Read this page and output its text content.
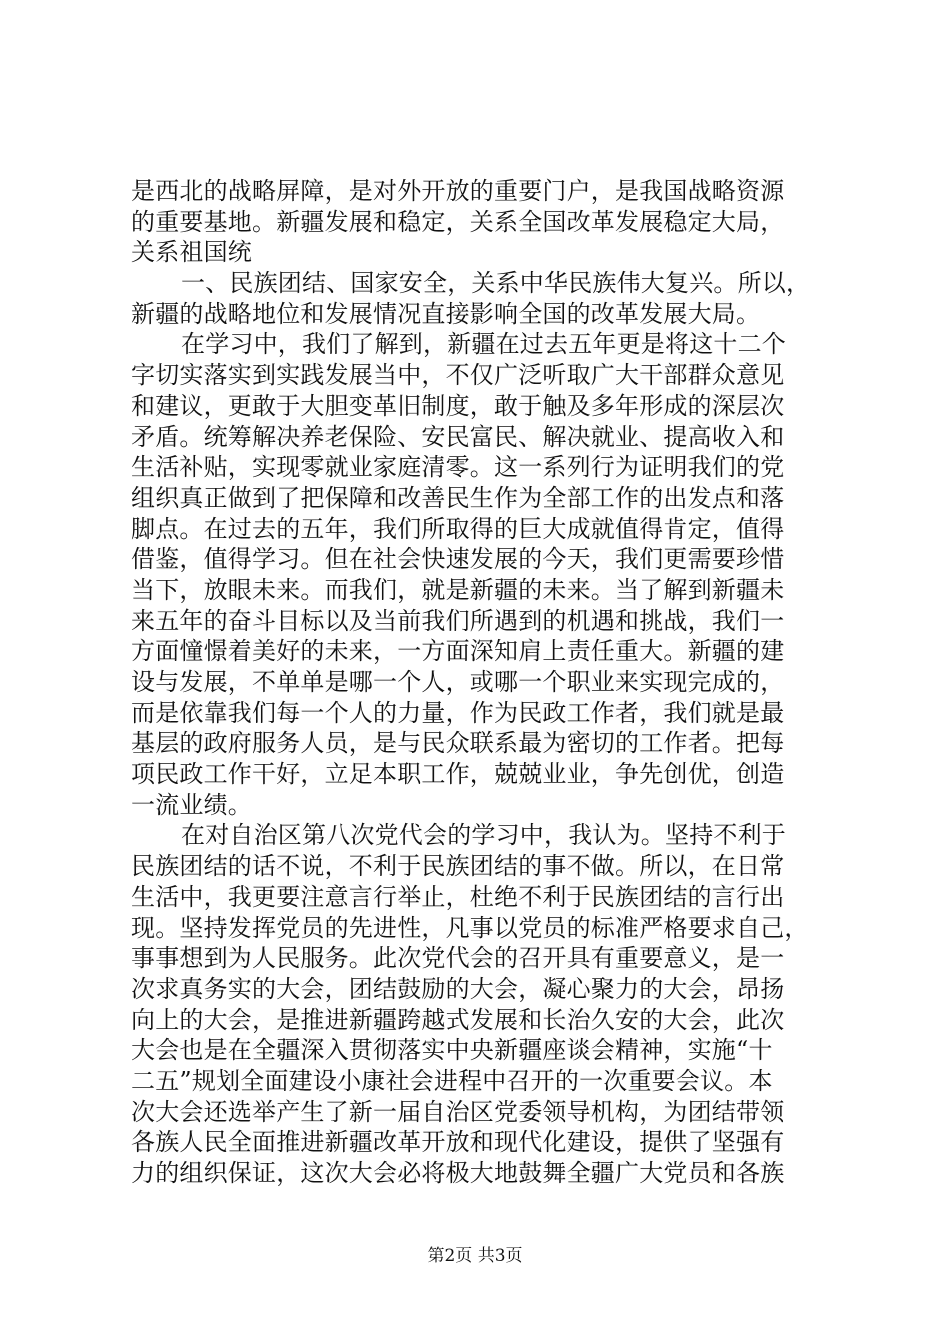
是西北的战略屏障，是对外开放的重要门户，是我国战略资源
的重要基地。新疆发展和稳定，关系全国改革发展稳定大局，
关系祖国统
一、民族团结、国家安全，关系中华民族伟大复兴。所以，
新疆的战略地位和发展情况直接影响全国的改革发展大局。
在学习中，我们了解到，新疆在过去五年更是将这十二个
字切实落实到实践发展当中，不仅广泛听取广大干部群众意见
和建议，更敢于大胆变革旧制度，敢于触及多年形成的深层次
矛盾。统筹解决养老保险、安民富民、解决就业、提高收入和
生活补贴，实现零就业家庭清零。这一系列行为证明我们的党
组织真正做到了把保障和改善民生作为全部工作的出发点和落
脚点。在过去的五年，我们所取得的巨大成就值得肯定，值得
借鉴，值得学习。但在社会快速发展的今天，我们更需要珍惜
当下，放眼未来。而我们，就是新疆的未来。当了解到新疆未
来五年的奋斗目标以及当前我们所遇到的机遇和挑战，我们一
方面憧憬着美好的未来，一方面深知肩上责任重大。新疆的建
设与发展，不单单是哪一个人，或哪一个职业来实现完成的，
而是依靠我们每一个人的力量，作为民政工作者，我们就是最
基层的政府服务人员，是与民众联系最为密切的工作者。把每
项民政工作干好，立足本职工作，兢兢业业，争先创优，创造
一流业绩。
在对自治区第八次党代会的学习中，我认为。坚持不利于
民族团结的话不说，不利于民族团结的事不做。所以，在日常
生活中，我更要注意言行举止，杜绝不利于民族团结的言行出
现。坚持发挥党员的先进性，凡事以党员的标准严格要求自己，
事事想到为人民服务。此次党代会的召开具有重要意义，是一
次求真务实的大会，团结鼓励的大会，凝心聚力的大会，昂扬
向上的大会，是推进新疆跨越式发展和长治久安的大会，此次
大会也是在全疆深入贯彻落实中央新疆座谈会精神，实施“十
二五”规划全面建设小康社会进程中召开的一次重要会议。本
次大会还选举产生了新一届自治区党委领导机构，为团结带领
各族人民全面推进新疆改革开放和现代化建设，提供了坚强有
力的组织保证，这次大会必将极大地鼓舞全疆广大党员和各族
第2页 共3页
